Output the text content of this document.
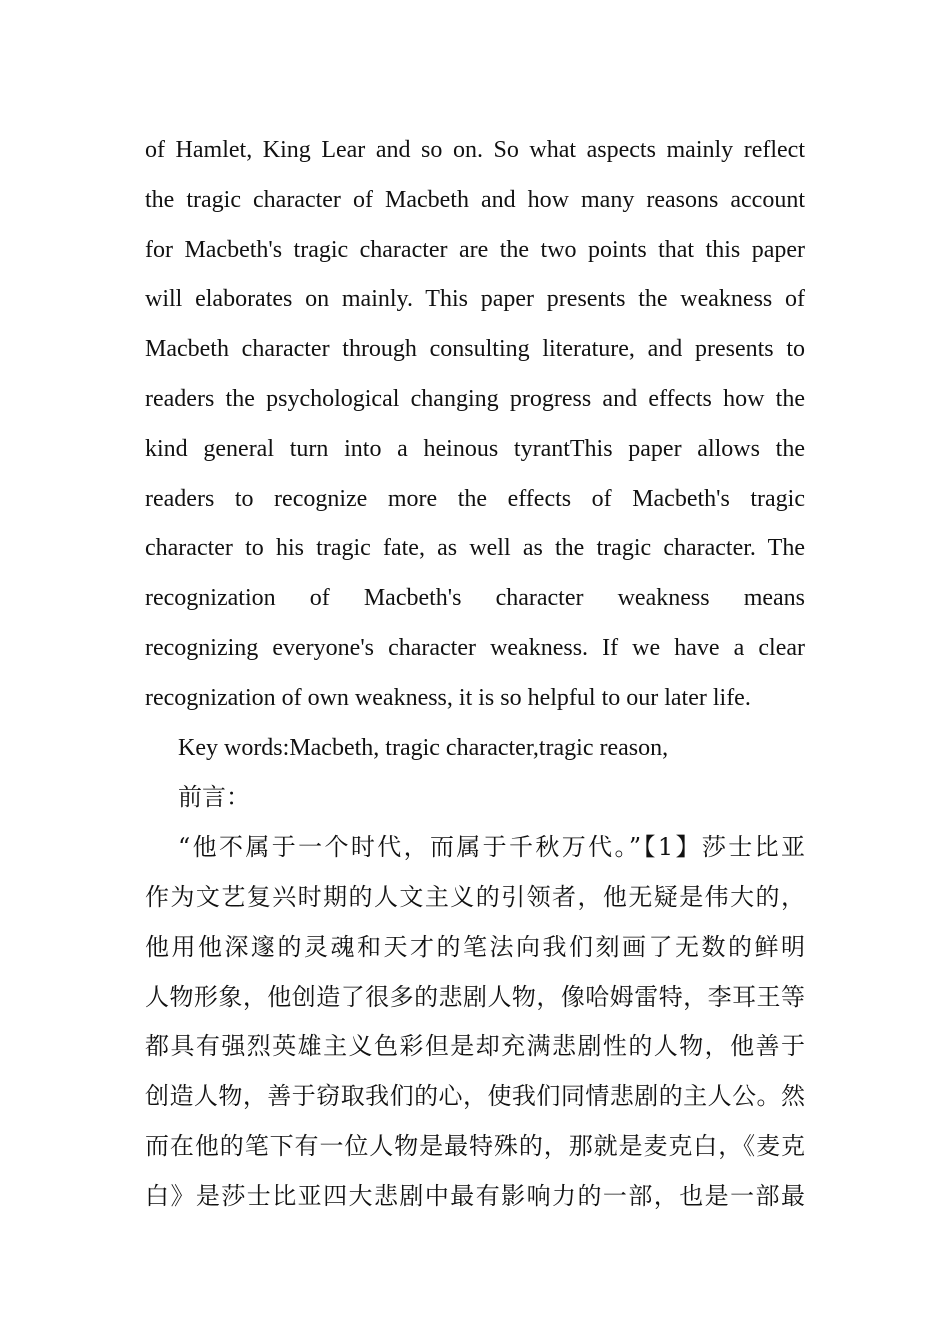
of Hamlet, King Lear and so on. So what aspects mainly reflect
the tragic character of Macbeth and how many reasons account
for Macbeth's tragic character are the two points that this paper
will elaborates on mainly. This paper presents the weakness of
Macbeth character through consulting literature, and presents to
readers the psychological changing progress and effects how the
kind general turn into a heinous tyrantThis paper allows the
readers to recognize more the effects of Macbeth's tragic
character to his tragic fate, as well as the tragic character. The
recognization of Macbeth's character weakness means
recognizing everyone's character weakness. If we have a clear
recognization of own weakness, it is so helpful to our later life.
Key words:Macbeth, tragic character,tragic reason,
前言：
“他不属于一个时代，而属于千秋万代。”【1】莎士比亚
作为文艺复兴时期的人文主义的引领者，他无疑是伟大的，
他用他深邃的灵魂和天才的笔法向我们刻画了无数的鲜明
人物形象，他创造了很多的悲剧人物，像哈姆雷特，李耳王等
都具有强烈英雄主义色彩但是却充满悲剧性的人物，他善于
创造人物，善于窃取我们的心，使我们同情悲剧的主人公。然
而在他的笔下有一位人物是最特殊的，那就是麦克白，《麦克
白》是莎士比亚四大悲剧中最有影响力的一部，也是一部最
